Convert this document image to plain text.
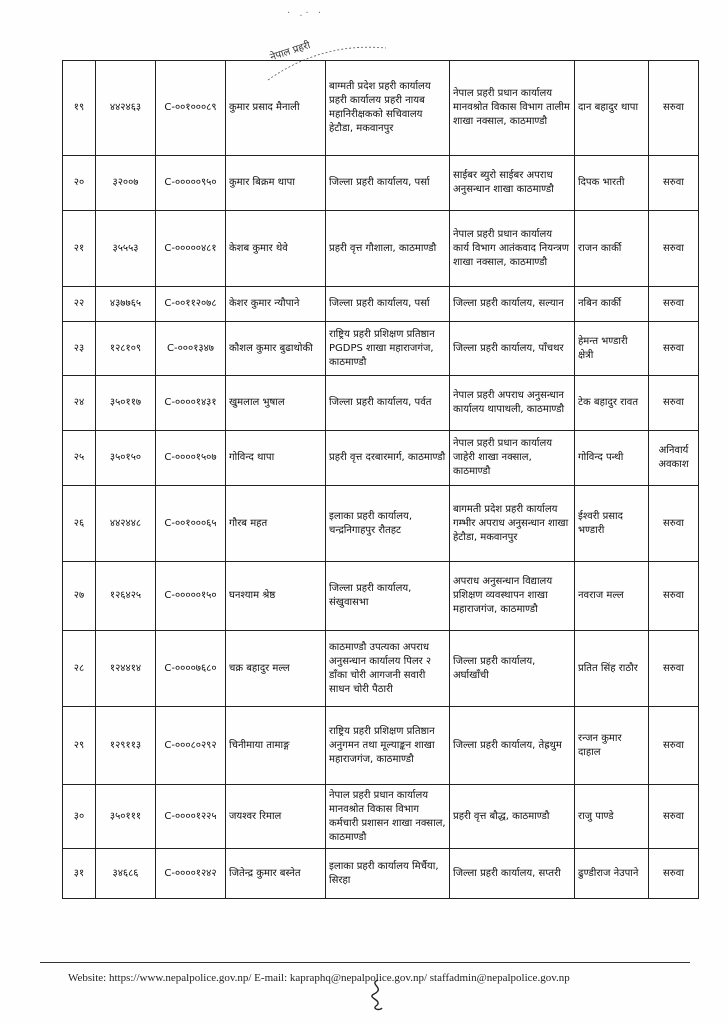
· .· ·
नेपाल प्रहरी
१९	४४२४६३	C-००१०००८९	कुमार प्रसाद मैनाली	बाग्मती प्रदेश प्रहरी कार्यालय प्रहरी कार्यालय प्रहरी नायब महानिरीक्षकको सचिवालय हेटौडा, मकवानपुर	नेपाल प्रहरी प्रधान कार्यालय मानवश्रोत विकास विभाग तालीम शाखा नक्साल, काठमाण्डौ	दान बहादुर थापा	सरुवा
२०	३२००७	C-०००००९५०	कुमार बिक्रम थापा	जिल्ला प्रहरी कार्यालय, पर्सा	साईबर ब्युरो साईबर अपराध अनुसन्धान शाखा काठमाण्डौ	दिपक भारती	सरुवा
२१	३५५५३	C-०००००४८१	केशब कुमार थेवे	प्रहरी वृत्त गौशाला, काठमाण्डौ	नेपाल प्रहरी प्रधान कार्यालय कार्य विभाग आतंकवाद नियन्त्रण शाखा नक्साल, काठमाण्डौ	राजन कार्की	सरुवा
२२	४३७७६५	C-००११२०७८	केशर कुमार न्यौपाने	जिल्ला प्रहरी कार्यालय, पर्सा	जिल्ला प्रहरी कार्यालय, सल्यान	नबिन कार्की	सरुवा
२३	१२८१०९	C-०००१३४७	कौशल कुमार बुढाथोकी	राष्ट्रिय प्रहरी प्रशिक्षण प्रतिष्ठान PGDPS शाखा महाराजगंज, काठमाण्डौ	जिल्ला प्रहरी कार्यालय, पाँचथर	हेमन्त भण्डारी क्षेत्री	सरुवा
२४	३५०११७	C-००००१४३१	खुमलाल भुषाल	जिल्ला प्रहरी कार्यालय, पर्वत	नेपाल प्रहरी अपराध अनुसन्धान कार्यालय थापाथली, काठमाण्डौ	टेक बहादुर रावत	सरुवा
२५	३५०१५०	C-००००१५०७	गोविन्द थापा	प्रहरी वृत्त दरबारमार्ग, काठमाण्डौ	नेपाल प्रहरी प्रधान कार्यालय जाहेरी शाखा नक्साल, काठमाण्डौ	गोविन्द पन्थी	अनिवार्य अवकाश
२६	४४२४४८	C-००१०००६५	गौरब महत	इलाका प्रहरी कार्यालय, चन्द्रनिगाहपुर रौतहट	बागमती प्रदेश प्रहरी कार्यालय गम्भीर अपराध अनुसन्धान शाखा हेटौडा, मकवानपुर	ईश्वरी प्रसाद भण्डारी	सरुवा
२७	१२६४२५	C-०००००१५०	घनश्याम श्रेष्ठ	जिल्ला प्रहरी कार्यालय, संखुवासभा	अपराध अनुसन्धान विद्यालय प्रशिक्षण व्यवस्थापन शाखा महाराजगंज, काठमाण्डौ	नवराज मल्ल	सरुवा
२८	१२४४१४	C-००००७६८०	चक्र बहादुर मल्ल	काठमाण्डौ उपत्यका अपराध अनुसन्धान कार्यालय पिलर २ डाँका चोरी आगजनी सवारी साधन चोरी पैठारी	जिल्ला प्रहरी कार्यालय, अर्घाखाँची	प्रतित सिंह राठौर	सरुवा
२९	१२९११३	C-०००८०२९२	चिनीमाया तामाङ्ग	राष्ट्रिय प्रहरी प्रशिक्षण प्रतिष्ठान अनुगमन तथा मूल्याङ्कन शाखा महाराजगंज, काठमाण्डौ	जिल्ला प्रहरी कार्यालय, तेह्रथुम	रन्जन कुमार दाहाल	सरुवा
३०	३५०१११	C-००००१२२५	जयश्वर रिमाल	नेपाल प्रहरी प्रधान कार्यालय मानवश्रोत विकास विभाग कर्मचारी प्रशासन शाखा नक्साल, काठमाण्डौ	प्रहरी वृत्त बौद्ध, काठमाण्डौ	राजु पाण्डे	सरुवा
३१	३४६८६	C-००००१२४२	जितेन्द्र कुमार बस्नेत	इलाका प्रहरी कार्यालय मिर्चैया, सिरहा	जिल्ला प्रहरी कार्यालय, सप्तरी	ढुण्डीराज नेउपाने	सरुवा
Website: https://www.nepalpolice.gov.np/ E-mail: kapraphq@nepalpolice.gov.np/ staffadmin@nepalpolice.gov.np
